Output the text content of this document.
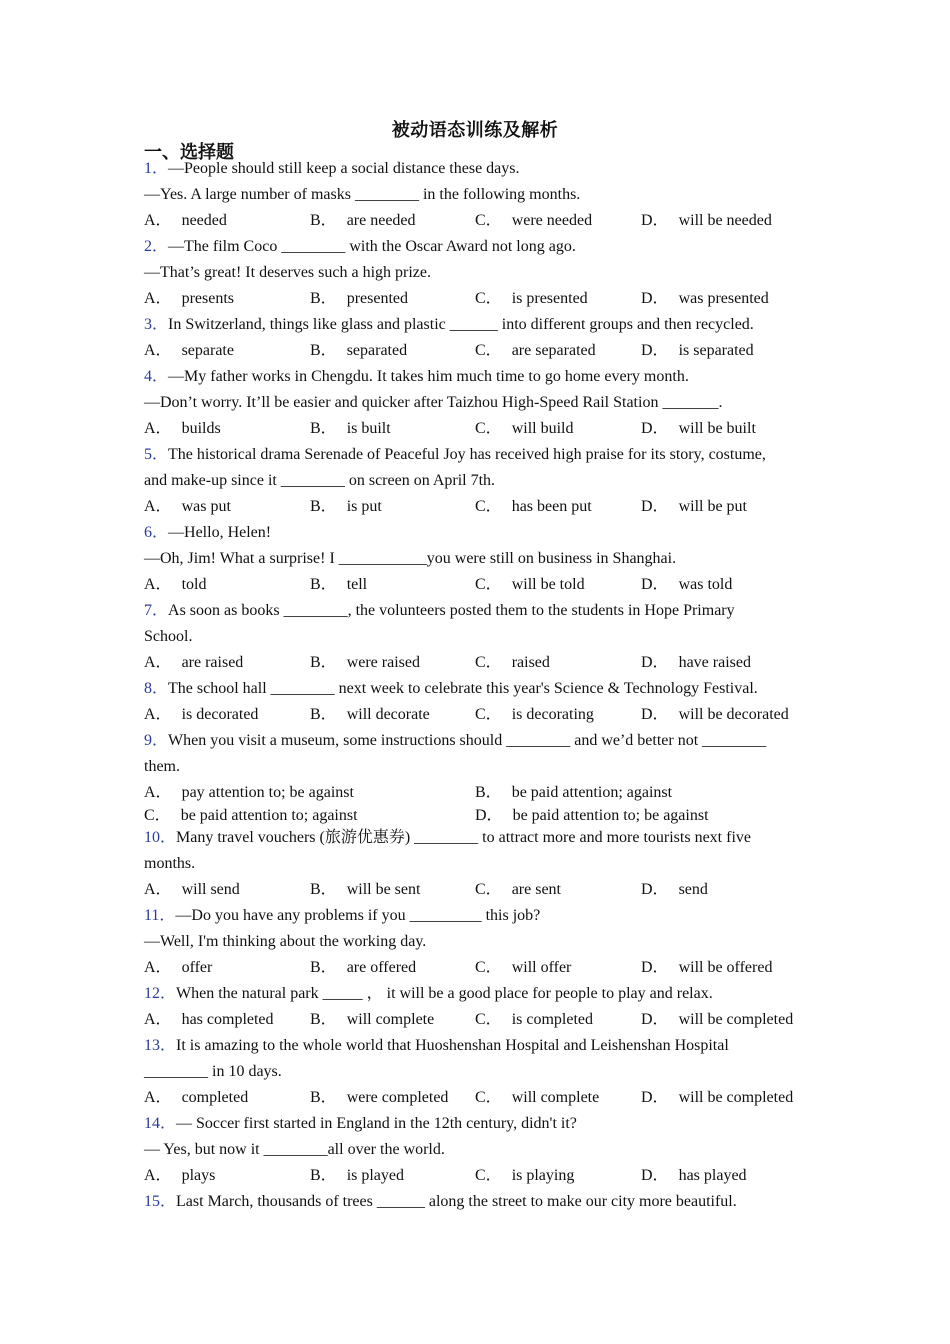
被动语态训练及解析
一、选择题
1．—People should still keep a social distance these days.
—Yes. A large number of masks ________ in the following months.
A． needed	B． are needed	C． were needed	D． will be needed
2．—The film Coco ________ with the Oscar Award not long ago.
—That’s great! It deserves such a high prize.
A． presents	B． presented	C． is presented	D． was presented
3．In Switzerland, things like glass and plastic ______ into different groups and then recycled.
A． separate	B． separated	C． are separated	D． is separated
4．—My father works in Chengdu. It takes him much time to go home every month.
—Don’t worry. It’ll be easier and quicker after Taizhou High-Speed Rail Station _______.
A． builds	B． is built	C． will build	D． will be built
5．The historical drama Serenade of Peaceful Joy has received high praise for its story, costume,
and make-up since it ________ on screen on April 7th.
A． was put	B． is put	C． has been put	D． will be put
6．—Hello, Helen!
—Oh, Jim! What a surprise! I ___________you were still on business in Shanghai.
A． told	B． tell	C． will be told	D． was told
7．As soon as books ________, the volunteers posted them to the students in Hope Primary
School.
A． are raised	B． were raised	C． raised	D． have raised
8．The school hall ________ next week to celebrate this year's Science & Technology Festival.
A． is decorated	B． will decorate	C． is decorating	D． will be decorated
9．When you visit a museum, some instructions should ________ and we’d better not ________
them.
A． pay attention to; be against	B． be paid attention; against
C． be paid attention to; against	D． be paid attention to; be against
10．Many travel vouchers (旅游优惠券) ________ to attract more and more tourists next five
months.
A． will send	B． will be sent	C． are sent	D． send
11．—Do you have any problems if you _________ this job?
—Well, I'm thinking about the working day.
A． offer	B． are offered	C． will offer	D． will be offered
12．When the natural park _____ ， it will be a good place for people to play and relax.
A． has completed B． will complete	C． is completed	D． will be completed
13．It is amazing to the whole world that Huoshenshan Hospital and Leishenshan Hospital
________ in 10 days.
A． completed	B． were completed C． will complete	D． will be completed
14．— Soccer first started in England in the 12th century, didn't it?
— Yes, but now it ________all over the world.
A． plays	B． is played	C． is playing	D． has played
15．Last March, thousands of trees ______ along the street to make our city more beautiful.
